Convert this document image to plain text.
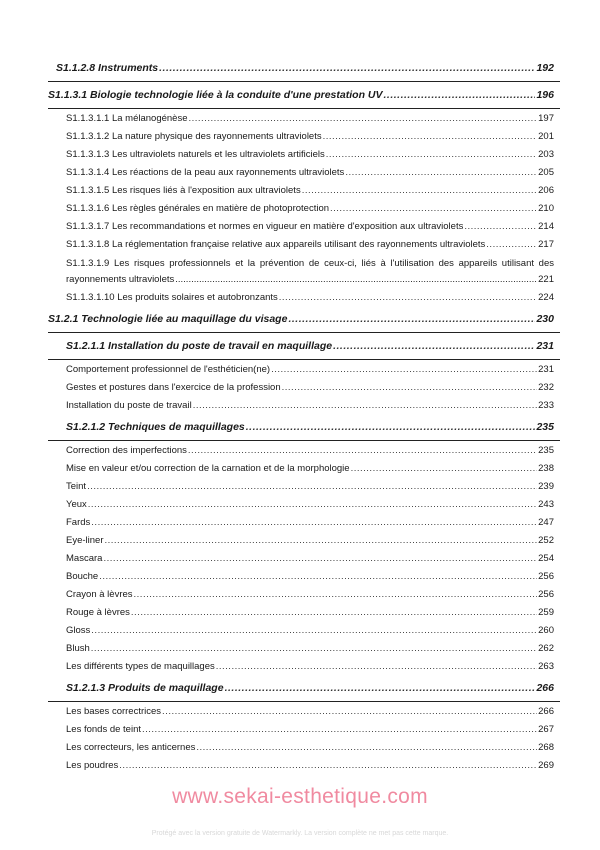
S1.1.2.8 Instruments .....	192
S1.1.3.1 Biologie technologie liée à la conduite d'une prestation UV .....	196
S1.1.3.1.1 La mélanogénèse .....	197
S1.1.3.1.2 La nature physique des rayonnements ultraviolets .....	201
S1.1.3.1.3 Les ultraviolets naturels et les ultraviolets artificiels .....	203
S1.1.3.1.4 Les réactions de la peau aux rayonnements ultraviolets .....	205
S1.1.3.1.5 Les risques liés à l'exposition aux ultraviolets .....	206
S1.1.3.1.6 Les règles générales en matière de photoprotection .....	210
S1.1.3.1.7 Les recommandations et normes en vigueur en matière d'exposition aux ultraviolets .....	214
S1.1.3.1.8 La réglementation française relative aux appareils utilisant des rayonnements ultraviolets .....	217
S1.1.3.1.9 Les risques professionnels et la prévention de ceux-ci, liés à l'utilisation des appareils utilisant des
rayonnements ultraviolets .....	221
S1.1.3.1.10 Les produits solaires et autobronzants .....	224
S1.2.1 Technologie liée au maquillage du visage .....	230
S1.2.1.1 Installation du poste de travail en maquillage .....	231
Comportement professionnel de l'esthéticien(ne) .....	231
Gestes et postures dans l'exercice de la profession .....	232
Installation du poste de travail .....	233
S1.2.1.2 Techniques de maquillages .....	235
Correction des imperfections .....	235
Mise en valeur et/ou correction de la carnation et de la morphologie .....	238
Teint .....	239
Yeux .....	243
Fards .....	247
Eye-liner .....	252
Mascara .....	254
Bouche .....	256
Crayon à lèvres .....	256
Rouge à lèvres .....	259
Gloss .....	260
Blush .....	262
Les différents types de maquillages .....	263
S1.2.1.3 Produits de maquillage .....	266
Les bases correctrices .....	266
Les fonds de teint .....	267
Les correcteurs, les anticernes .....	268
Les poudres .....	269
www.sekai-esthetique.com
Protégé avec la version gratuite de Watermarkly. La version complète ne met pas cette marque.
